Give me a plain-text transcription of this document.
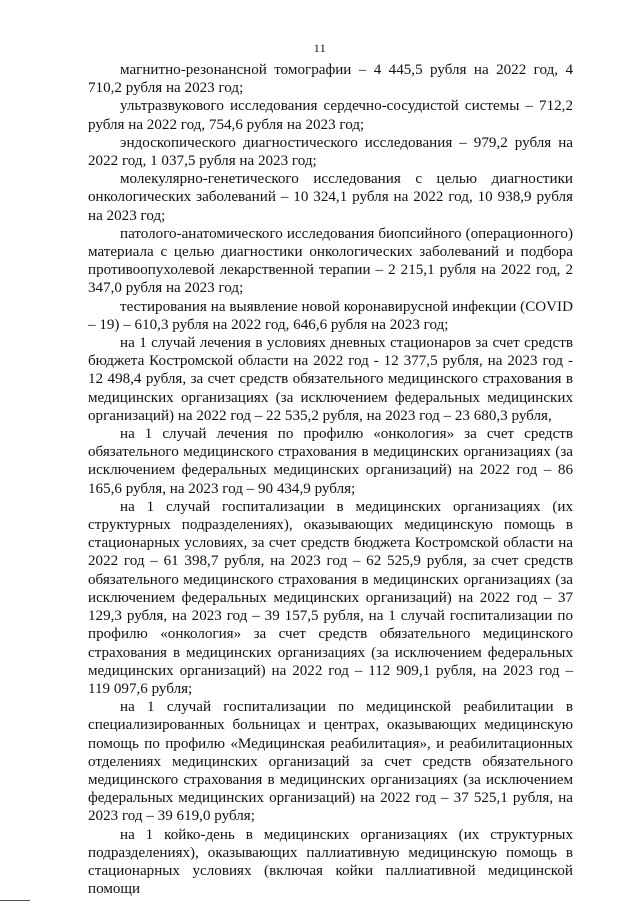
11

магнитно-резонансной томографии – 4 445,5 рубля на 2022 год, 4 710,2 рубля на 2023 год;

ультразвукового исследования сердечно-сосудистой системы – 712,2 рубля на 2022 год, 754,6 рубля на 2023 год;

эндоскопического диагностического исследования – 979,2 рубля на 2022 год, 1 037,5 рубля на 2023 год;

молекулярно-генетического исследования с целью диагностики онкологических заболеваний – 10 324,1 рубля на 2022 год, 10 938,9 рубля на 2023 год;

патолого-анатомического исследования биопсийного (операционного) материала с целью диагностики онкологических заболеваний и подбора противоопухолевой лекарственной терапии – 2 215,1 рубля на 2022 год, 2 347,0 рубля на 2023 год;

тестирования на выявление новой коронавирусной инфекции (COVID – 19) – 610,3 рубля на 2022 год, 646,6 рубля на 2023 год;

на 1 случай лечения в условиях дневных стационаров за счет средств бюджета Костромской области на 2022 год - 12 377,5 рубля, на 2023 год - 12 498,4 рубля, за счет средств обязательного медицинского страхования в медицинских организациях (за исключением федеральных медицинских организаций) на 2022 год – 22 535,2 рубля, на 2023 год – 23 680,3 рубля,

на 1 случай лечения по профилю «онкология» за счет средств обязательного медицинского страхования в медицинских организациях (за исключением федеральных медицинских организаций) на 2022 год – 86 165,6 рубля, на 2023 год – 90 434,9 рубля;

на 1 случай госпитализации в медицинских организациях (их структурных подразделениях), оказывающих медицинскую помощь в стационарных условиях, за счет средств бюджета Костромской области на 2022 год – 61 398,7 рубля, на 2023 год – 62 525,9 рубля, за счет средств обязательного медицинского страхования в медицинских организациях (за исключением федеральных медицинских организаций) на 2022 год – 37 129,3 рубля, на 2023 год – 39 157,5 рубля, на 1 случай госпитализации по профилю «онкология» за счет средств обязательного медицинского страхования в медицинских организациях (за исключением федеральных медицинских организаций) на 2022 год – 112 909,1 рубля, на 2023 год – 119 097,6 рубля;

на 1 случай госпитализации по медицинской реабилитации в специализированных больницах и центрах, оказывающих медицинскую помощь по профилю «Медицинская реабилитация», и реабилитационных отделениях медицинских организаций за счет средств обязательного медицинского страхования в медицинских организациях (за исключением федеральных медицинских организаций) на 2022 год – 37 525,1 рубля, на 2023 год – 39 619,0 рубля;

на 1 койко-день в медицинских организациях (их структурных подразделениях), оказывающих паллиативную медицинскую помощь в стационарных условиях (включая койки паллиативной медицинской помощи
